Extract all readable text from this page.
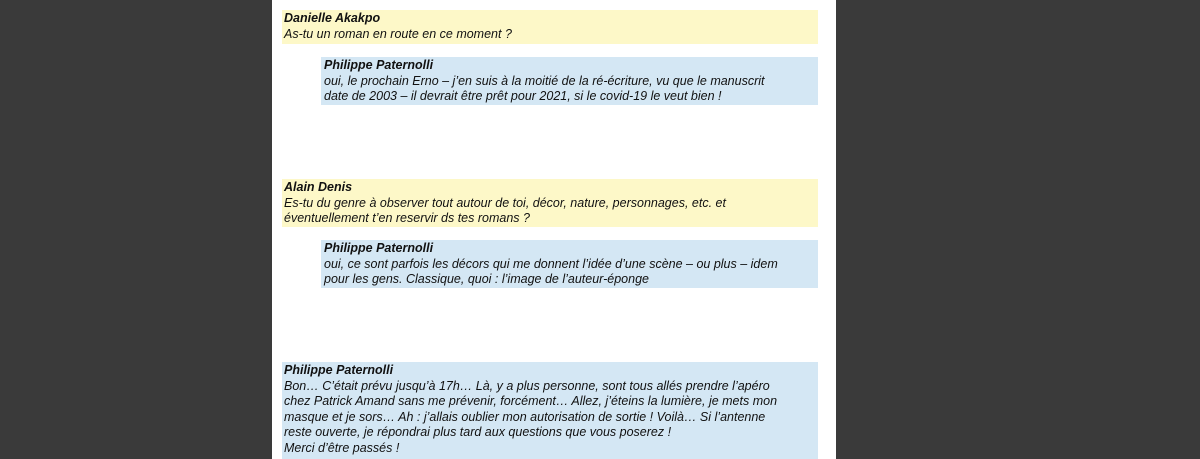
Danielle Akakpo
As-tu un roman en route en ce moment ?
Philippe Paternolli
oui, le prochain Erno – j’en suis à la moitié de la ré-écriture, vu que le manuscrit
date de 2003 – il devrait être prêt pour 2021, si le covid-19 le veut bien !
Alain Denis
Es-tu du genre à observer tout autour de toi, décor, nature, personnages, etc. et
éventuellement t’en reservir ds tes romans ?
Philippe Paternolli
oui, ce sont parfois les décors qui me donnent l’idée d’une scène – ou plus – idem
pour les gens. Classique, quoi : l’image de l’auteur-éponge
Philippe Paternolli
Bon… C’était prévu jusqu’à 17h… Là, y a plus personne, sont tous allés prendre l’apéro
chez Patrick Amand sans me prévenir, forcément… Allez, j’éteins la lumière, je mets mon
masque et je sors… Ah : j’allais oublier mon autorisation de sortie ! Voilà… Si l’antenne
reste ouverte, je répondrai plus tard aux questions que vous poserez !
Merci d’être passés !
